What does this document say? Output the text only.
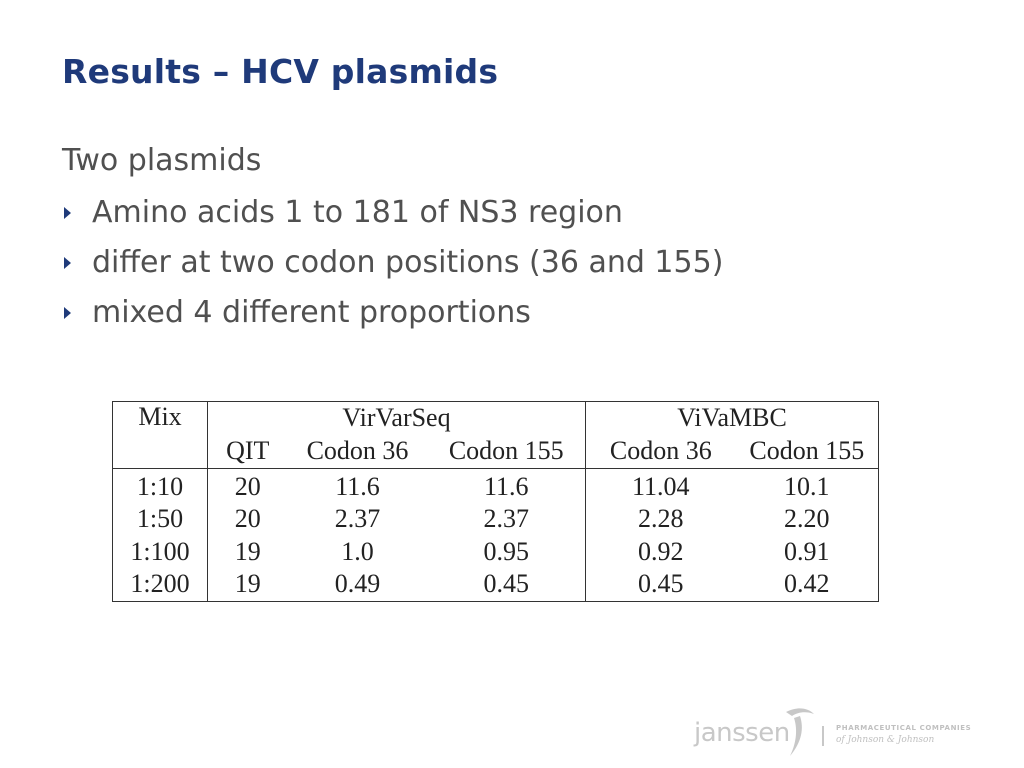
Results – HCV plasmids
Two plasmids
Amino acids 1 to 181 of NS3 region
differ at two codon positions (36 and 155)
mixed 4 different proportions
Mix	VirVarSeq			ViVaMBC	
	QIT	Codon 36	Codon 155	Codon 36	Codon 155
1:10	20	11.6	11.6	11.04	10.1
1:50	20	2.37	2.37	2.28	2.20
1:100	19	1.0	0.95	0.92	0.91
1:200	19	0.49	0.45	0.45	0.42
janssen	PHARMACEUTICAL COMPANIES
of Johnson & Johnson
